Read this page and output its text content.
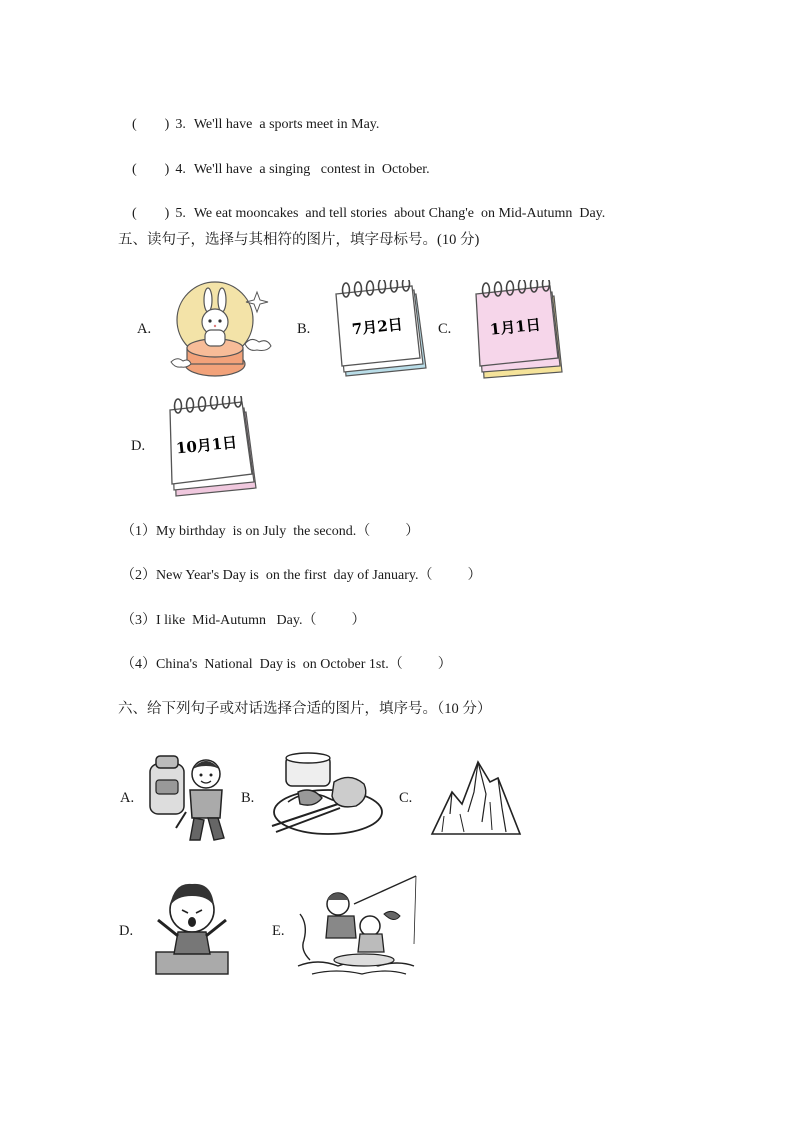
(        ) 3. We'll have  a sports meet in May.

(        ) 4. We'll have  a singing   contest in  October.

(        ) 5. We eat mooncakes  and tell stories  about Chang'e  on Mid-Autumn  Day.

五、读句子，选择与其相符的图片，填字母标号。(10 分)
A.	B.	7月2日 C.	1月1日
D. 10月1日
（1）My birthday  is on July  the second.（          ）
（2）New Year's Day is  on the first  day of January.（          ）
（3）I like  Mid-Autumn   Day.（          ）
（4）China's  National  Day is  on October 1st.（          ）
六、给下列句子或对话选择合适的图片，填序号。（10 分）
A.	B.	C.
D.	E.
